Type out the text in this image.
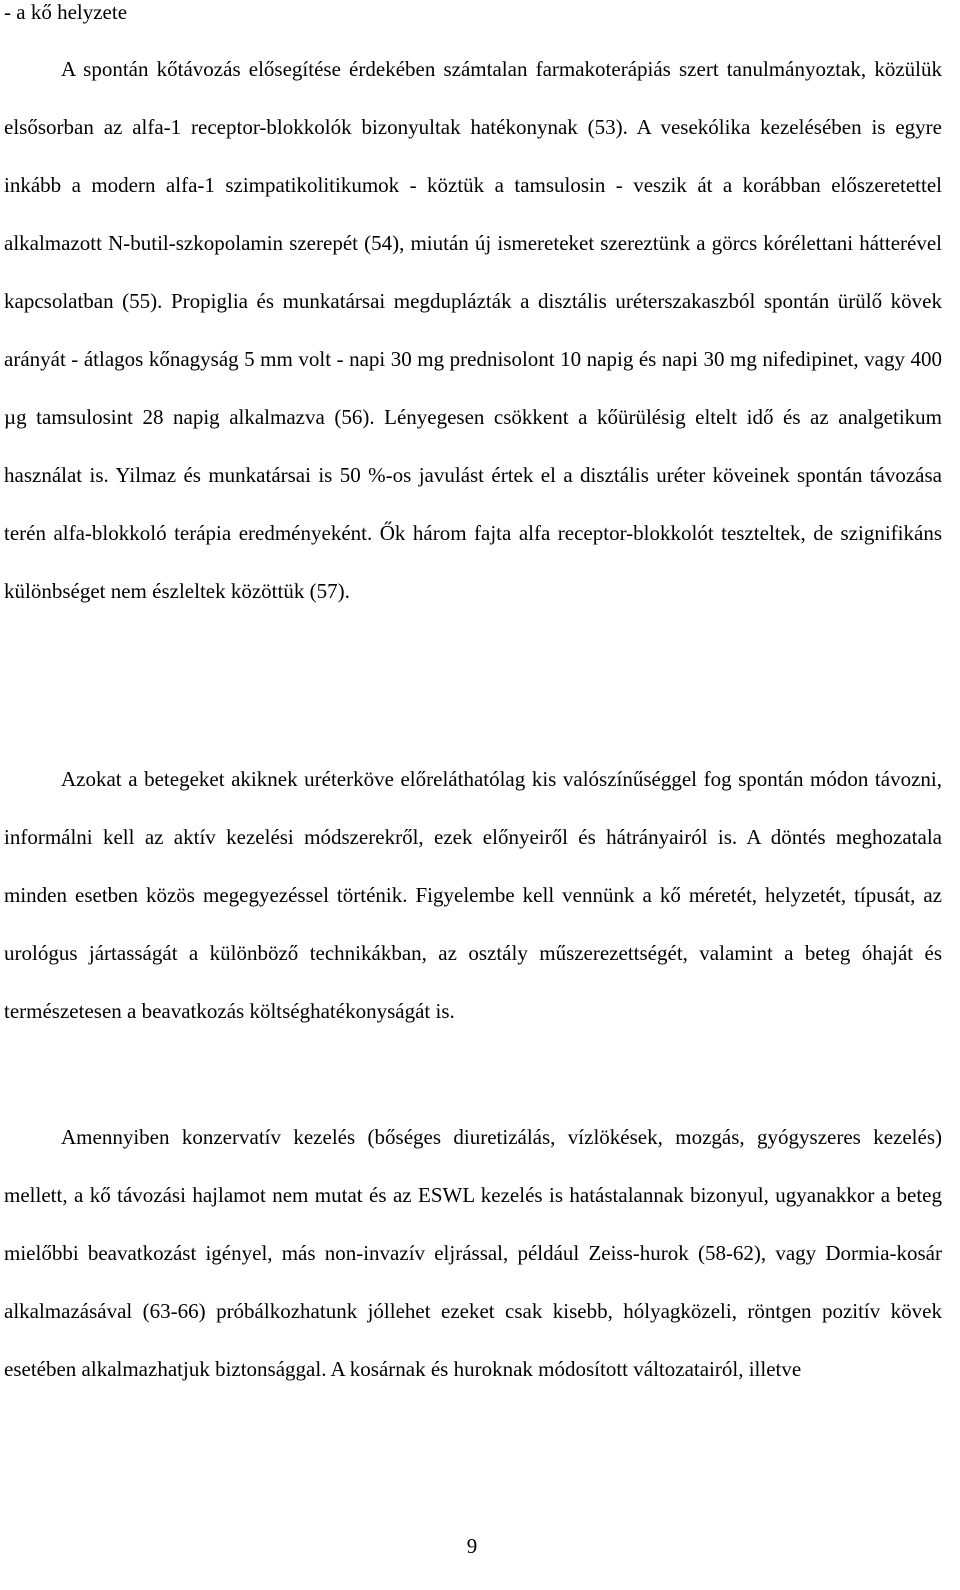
- a kő helyzete

A spontán kőtávozás elősegítése érdekében számtalan farmakoterápiás szert tanulmányoztak, közülük elsősorban az alfa-1 receptor-blokkolók bizonyultak hatékonynak (53). A vesekólika kezelésében is egyre inkább a modern alfa-1 szimpatikolitikumok - köztük a tamsulosin - veszik át a korábban előszeretettel alkalmazott N-butil-szkopolamin szerepét (54), miután új ismereteket szereztünk a görcs kórélettani hátterével kapcsolatban (55). Propiglia és munkatársai megduplázták a disztális uréterszakaszból spontán ürülő kövek arányát - átlagos kőnagyság 5 mm volt - napi 30 mg prednisolont 10 napig és napi 30 mg nifedipinet, vagy 400 µg tamsulosint 28 napig alkalmazva (56). Lényegesen csökkent a kőürülésig eltelt idő és az analgetikum használat is. Yilmaz és munkatársai is 50 %-os javulást értek el a disztális uréter köveinek spontán távozása terén alfa-blokkoló terápia eredményeként. Ők három fajta alfa receptor-blokkolót teszteltek, de szignifikáns különbséget nem észleltek közöttük (57).

Azokat a betegeket akiknek uréterköve előreláthatólag kis valószínűséggel fog spontán módon távozni, informálni kell az aktív kezelési módszerekről, ezek előnyeiről és hátrányairól is. A döntés meghozatala minden esetben közös megegyezéssel történik. Figyelembe kell vennünk a kő méretét, helyzetét, típusát, az urológus jártasságát a különböző technikákban, az osztály műszerezettségét, valamint a beteg óhaját és természetesen a beavatkozás költséghatékonyságát is.

Amennyiben konzervatív kezelés (bőséges diuretizálás, vízlökések, mozgás, gyógyszeres kezelés) mellett, a kő távozási hajlamot nem mutat és az ESWL kezelés is hatástalannak bizonyul, ugyanakkor a beteg mielőbbi beavatkozást igényel, más non-invazív eljrással, például Zeiss-hurok (58-62), vagy Dormia-kosár alkalmazásával (63-66) próbálkozhatunk jóllehet ezeket csak kisebb, hólyagközeli, röntgen pozitív kövek esetében alkalmazhatjuk biztonsággal. A kosárnak és huroknak módosított változatairól, illetve

9
